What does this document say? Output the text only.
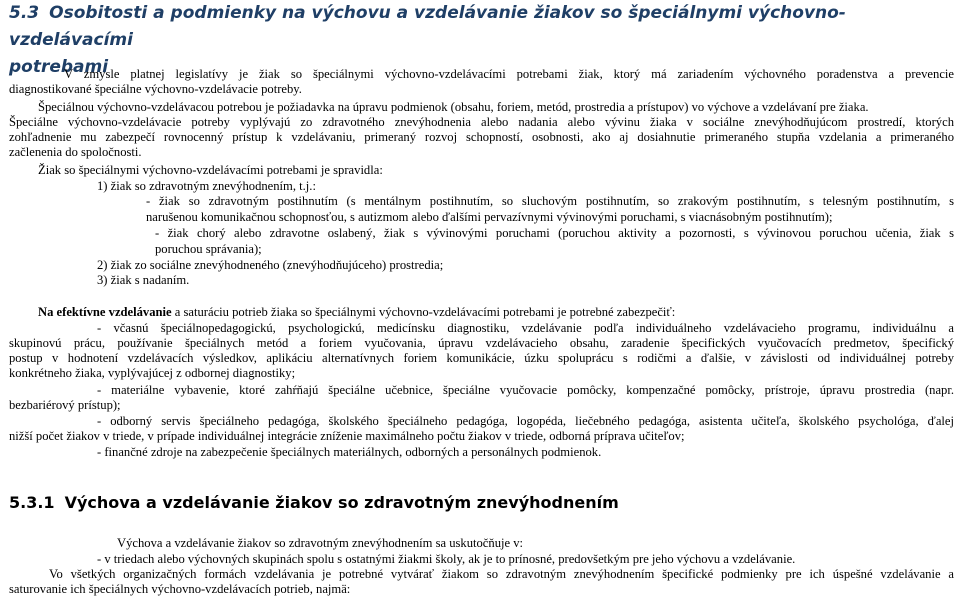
5.3 Osobitosti a podmienky na výchovu a vzdelávanie žiakov so špeciálnymi výchovno-vzdelávacími
potrebami
V zmysle platnej legislatívy je žiak so špeciálnymi výchovno-vzdelávacími potrebami žiak, ktorý má zariadením výchovného poradenstva a prevencie
diagnostikované špeciálne výchovno-vzdelávacie potreby.
Špeciálnou výchovno-vzdelávacou potrebou je požiadavka na úpravu podmienok (obsahu, foriem, metód, prostredia a prístupov) vo výchove a vzdelávaní pre žiaka.
Špeciálne výchovno-vzdelávacie potreby vyplývajú zo zdravotného znevýhodnenia alebo nadania alebo vývinu žiaka v sociálne znevýhodňujúcom prostredí, ktorých
zohľadnenie mu zabezpečí rovnocenný prístup k vzdelávaniu, primeraný rozvoj schopností, osobnosti, ako aj dosiahnutie primeraného stupňa vzdelania a primeraného
začlenenia do spoločnosti.
Žiak so špeciálnymi výchovno-vzdelávacími potrebami je spravidla:
1) žiak so zdravotným znevýhodnením, t.j.:
- žiak so zdravotným postihnutím (s mentálnym postihnutím, so sluchovým postihnutím, so zrakovým postihnutím, s telesným postihnutím, s
narušenou komunikačnou schopnosťou, s autizmom alebo ďalšími pervazívnymi vývinovými poruchami, s viacnásobným postihnutím);
- žiak chorý alebo zdravotne oslabený, žiak s vývinovými poruchami (poruchou aktivity a pozornosti, s vývinovou poruchou učenia, žiak s
poruchou správania);
2) žiak zo sociálne znevýhodneného (znevýhodňujúceho) prostredia;
3) žiak s nadaním.
Na efektívne vzdelávanie a saturáciu potrieb žiaka so špeciálnymi výchovno-vzdelávacími potrebami je potrebné zabezpečiť:
- včasnú špeciálnopedagogickú, psychologickú, medicínsku diagnostiku, vzdelávanie podľa individuálneho vzdelávacieho programu, individuálnu a
skupinovú prácu, používanie špeciálnych metód a foriem vyučovania, úpravu vzdelávacieho obsahu, zaradenie špecifických vyučovacích predmetov, špecifický
postup v hodnotení vzdelávacích výsledkov, aplikáciu alternatívnych foriem komunikácie, úzku spoluprácu s rodičmi a ďalšie, v závislosti od individuálnej potreby
konkrétneho žiaka, vyplývajúcej z odbornej diagnostiky;
- materiálne vybavenie, ktoré zahŕňajú špeciálne učebnice, špeciálne vyučovacie pomôcky, kompenzačné pomôcky, prístroje, úpravu prostredia (napr.
bezbariérový prístup);
- odborný servis špeciálneho pedagóga, školského špeciálneho pedagóga, logopéda, liečebného pedagóga, asistenta učiteľa, školského psychológa, ďalej
nižší počet žiakov v triede, v prípade individuálnej integrácie zníženie maximálneho počtu žiakov v triede, odborná príprava učiteľov;
- finančné zdroje na zabezpečenie špeciálnych materiálnych, odborných a personálnych podmienok.
5.3.1 Výchova a vzdelávanie žiakov so zdravotným znevýhodnením
Výchova a vzdelávanie žiakov so zdravotným znevýhodnením sa uskutočňuje v:
- v triedach alebo výchovných skupinách spolu s ostatnými žiakmi školy, ak je to prínosné, predovšetkým pre jeho výchovu a vzdelávanie.
Vo všetkých organizačných formách vzdelávania je potrebné vytvárať žiakom so zdravotným znevýhodnením špecifické podmienky pre ich úspešné vzdelávanie a
saturovanie ich špeciálnych výchovno-vzdelávacích potrieb, najmä:
